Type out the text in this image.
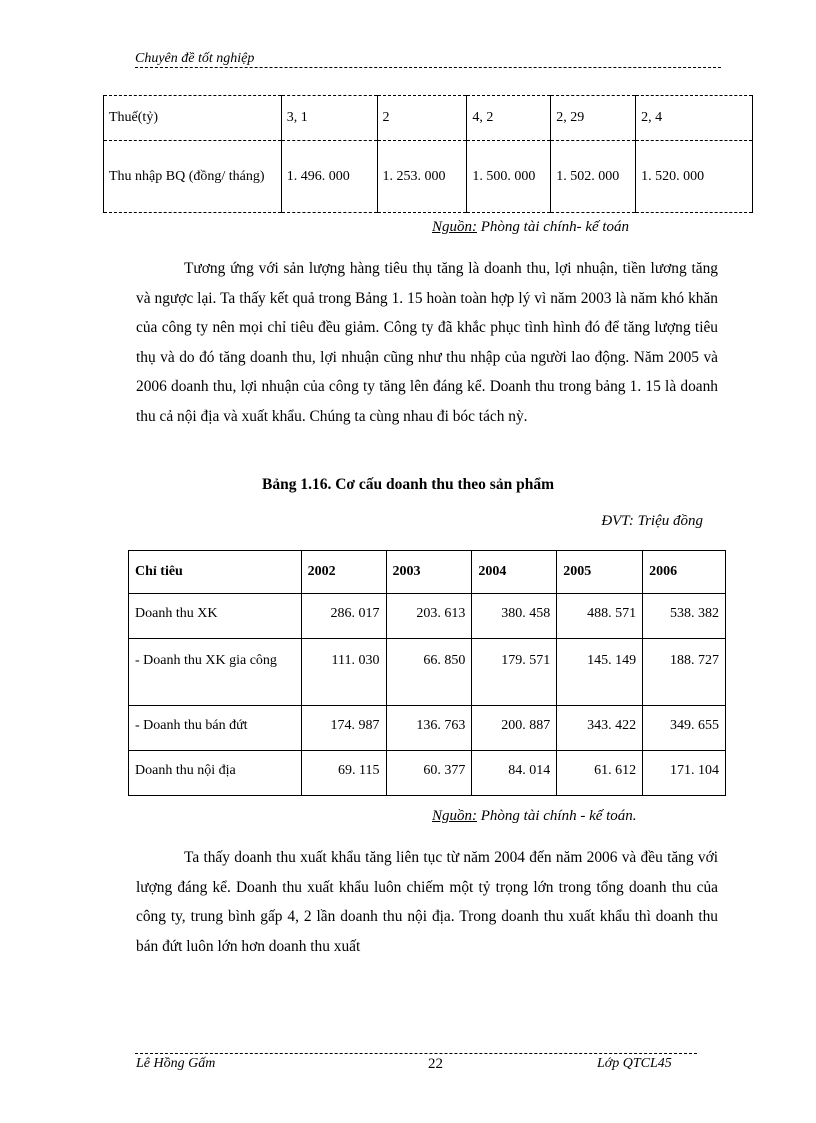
Chuyên đề tốt nghiệp
Thuế(tỷ)	3, 1	2	4, 2	2, 29	2, 4
Thu nhập BQ (đồng/ tháng)	1. 496. 000	1. 253. 000	1. 500. 000	1. 502. 000	1. 520. 000
Nguồn: Phòng tài chính- kế toán

Tương ứng với sản lượng hàng tiêu thụ tăng là doanh thu, lợi nhuận, tiền lương tăng và ngược lại. Ta thấy kết quả trong Bảng 1. 15 hoàn toàn hợp lý vì năm 2003 là năm khó khăn của công ty nên mọi chỉ tiêu đều giảm. Công ty đã khắc phục tình hình đó để tăng lượng tiêu thụ và do đó tăng doanh thu, lợi nhuận cũng như thu nhập của người lao động. Năm 2005 và 2006 doanh thu, lợi nhuận của công ty tăng lên đáng kể. Doanh thu trong bảng 1. 15 là doanh thu cả nội địa và xuất khẩu. Chúng ta cùng nhau đi bóc tách nỳ.

Bảng 1.16. Cơ cấu doanh thu theo sản phẩm
ĐVT: Triệu đồng
Chỉ tiêu	2002	2003	2004	2005	2006
Doanh thu XK	286. 017	203. 613	380. 458	488. 571	538. 382
- Doanh thu XK gia công	111. 030	66. 850	179. 571	145. 149	188. 727
- Doanh thu bán đứt	174. 987	136. 763	200. 887	343. 422	349. 655
Doanh thu nội địa	69. 115	60. 377	84. 014	61. 612	171. 104
Nguồn: Phòng tài chính - kế toán.

Ta thấy doanh thu xuất khẩu tăng liên tục từ năm 2004 đến năm 2006 và đều tăng với lượng đáng kể. Doanh thu xuất khẩu luôn chiếm một tỷ trọng lớn trong tổng doanh thu của công ty, trung bình gấp 4, 2 lần doanh thu nội địa. Trong doanh thu xuất khẩu thì doanh thu bán đứt luôn lớn hơn doanh thu xuất

Lê Hồng Gấm	22	Lớp QTCL45
